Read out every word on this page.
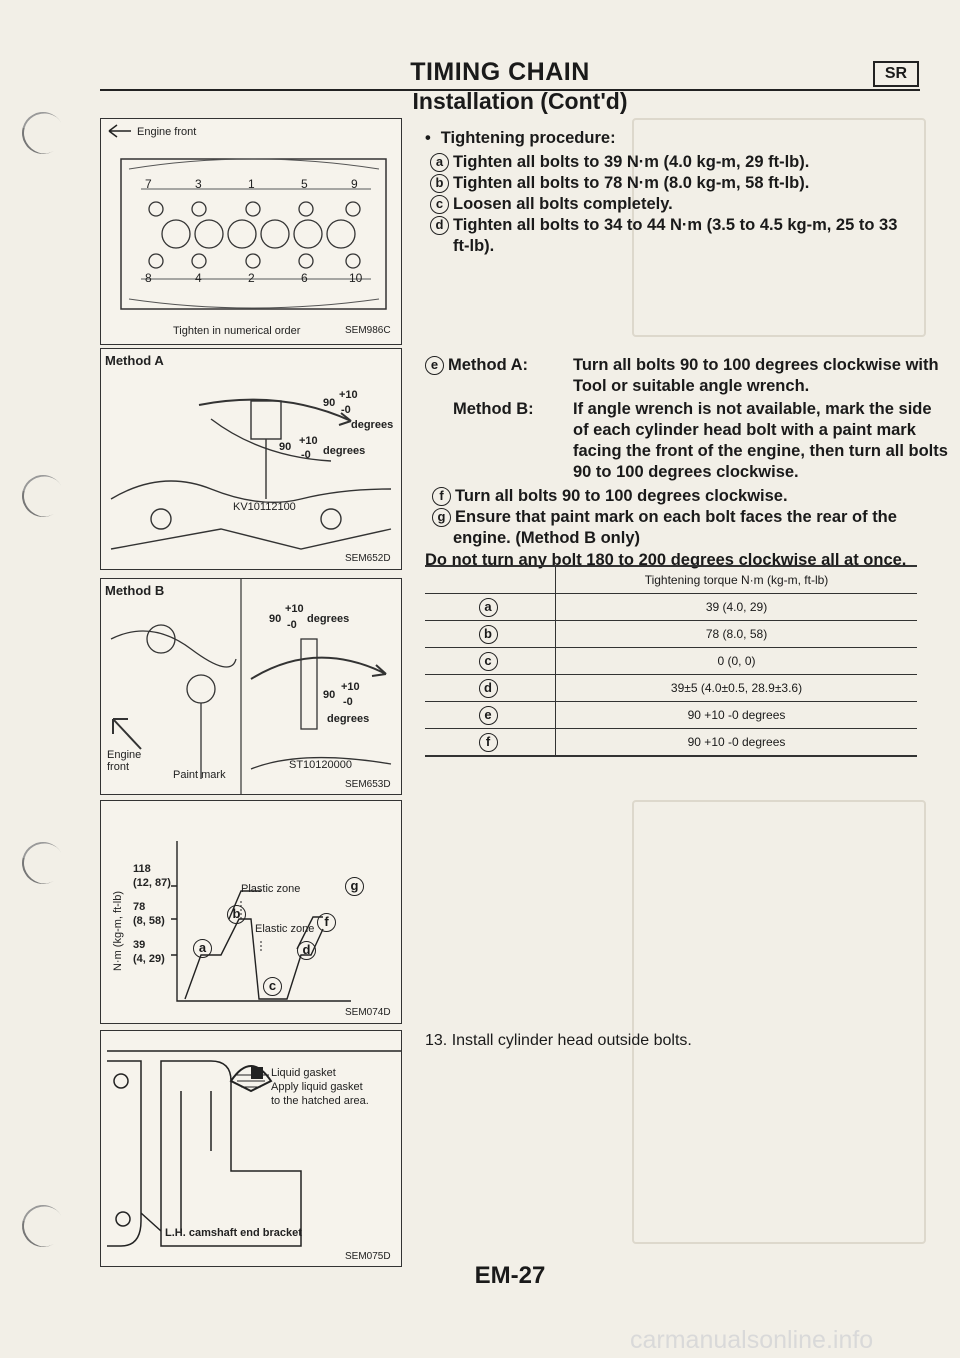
TIMING CHAIN	SR
Installation (Cont'd)
Engine front
7	3	1	5	9
8	4	2	6	10
Tighten in numerical order	SEM986C
Method A
90
+10
-0
degrees
90 +10
-0 degrees
KV10112100
SEM652D
Method B
90
+10
-0 degrees
90
+10
-0
degrees
Engine front
Paint mark
ST10120000
SEM653D
N·m (kg-m, ft-lb)
118
(12, 87)
78
(8, 58)
39
(4, 29)
Plastic zone
Elastic zone
a
b
c
d
f
g
SEM074D
Liquid gasket
Apply liquid gasket
to the hatched area.
L.H. camshaft end bracket
SEM075D
• Tightening procedure:
a Tighten all bolts to 39 N·m (4.0 kg-m, 29 ft-lb).
b Tighten all bolts to 78 N·m (8.0 kg-m, 58 ft-lb).
c Loosen all bolts completely.
d Tighten all bolts to 34 to 44 N·m (3.5 to 4.5 kg-m, 25 to 33
ft-lb).
e Method A:	Turn all bolts 90 to 100 degrees clockwise with
Tool or suitable angle wrench.
Method B: If angle wrench is not available, mark the side
of each cylinder head bolt with a paint mark
facing the front of the engine, then turn all bolts
90 to 100 degrees clockwise.
f Turn all bolts 90 to 100 degrees clockwise.
g Ensure that paint mark on each bolt faces the rear of the
engine. (Method B only)
Do not turn any bolt 180 to 200 degrees clockwise all at once.
	Tightening torque N·m (kg-m, ft-lb)
a	39 (4.0, 29)
b	78 (8.0, 58)
c	0 (0, 0)
d	39±5 (4.0±0.5, 28.9±3.6)
e	90 +10 -0 degrees
f	90 +10 -0 degrees
13. Install cylinder head outside bolts.
EM-27
carmanualsonline.info
